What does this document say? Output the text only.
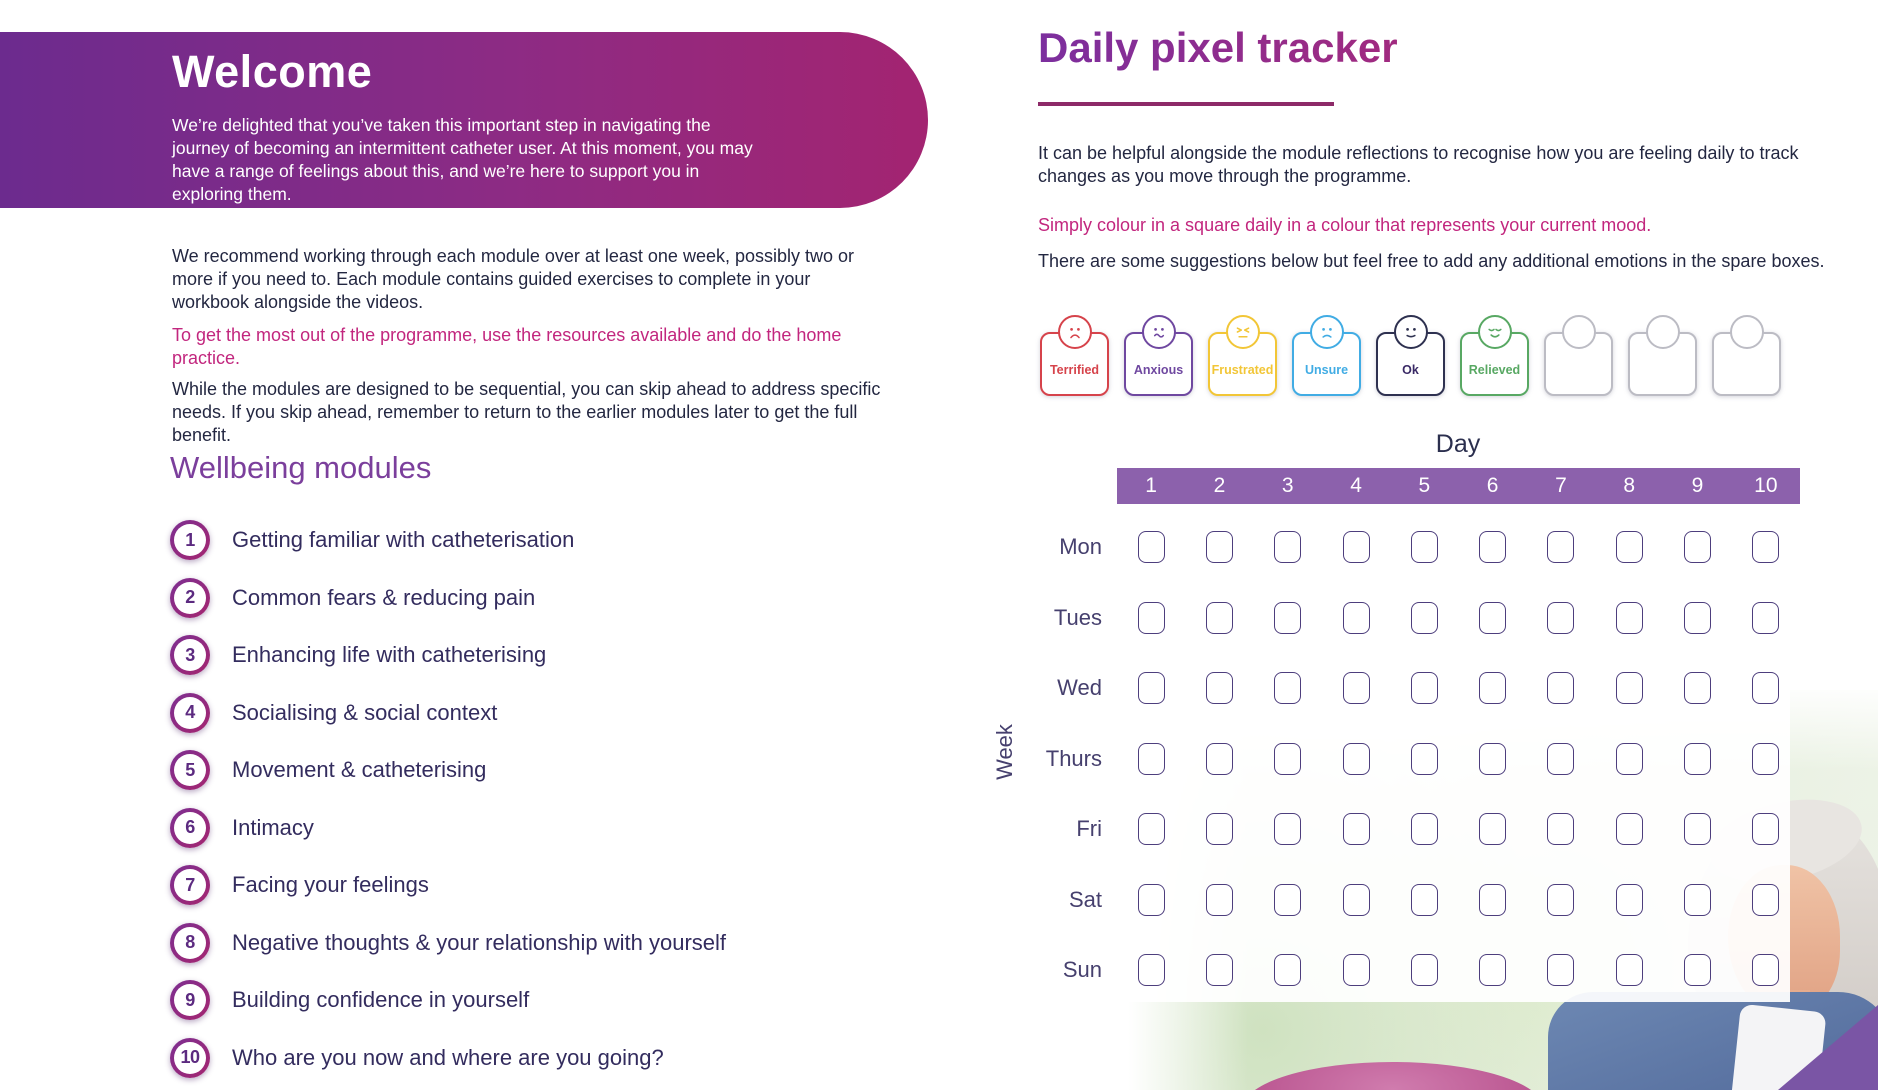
Welcome
We’re delighted that you’ve taken this important step in navigating the journey of becoming an intermittent catheter user. At this moment, you may have a range of feelings about this, and we’re here to support you in exploring them.

We recommend working through each module over at least one week, possibly two or more if you need to. Each module contains guided exercises to complete in your workbook alongside the videos.

To get the most out of the programme, use the resources available and do the home practice.

While the modules are designed to be sequential, you can skip ahead to address specific needs. If you skip ahead, remember to return to the earlier modules later to get the full benefit.

Wellbeing modules
1	Getting familiar with catheterisation
2	Common fears & reducing pain
3	Enhancing life with catheterising
4	Socialising & social context
5	Movement & catheterising
6	Intimacy
7	Facing your feelings
8	Negative thoughts & your relationship with yourself
9	Building confidence in yourself
10 Who are you now and where are you going?
Daily pixel tracker

It can be helpful alongside the module reflections to recognise how you are feeling daily to track changes as you move through the programme.

Simply colour in a square daily in a colour that represents your current mood.

There are some suggestions below but feel free to add any additional emotions in the spare boxes.

Terrified	Anxious Frustrated	Unsure	Ok	Relieved
Day
1	2	3	4	5	6	7	8	9	10
Week
Mon
Tues
Wed
Thurs
Fri
Sat
Sun
